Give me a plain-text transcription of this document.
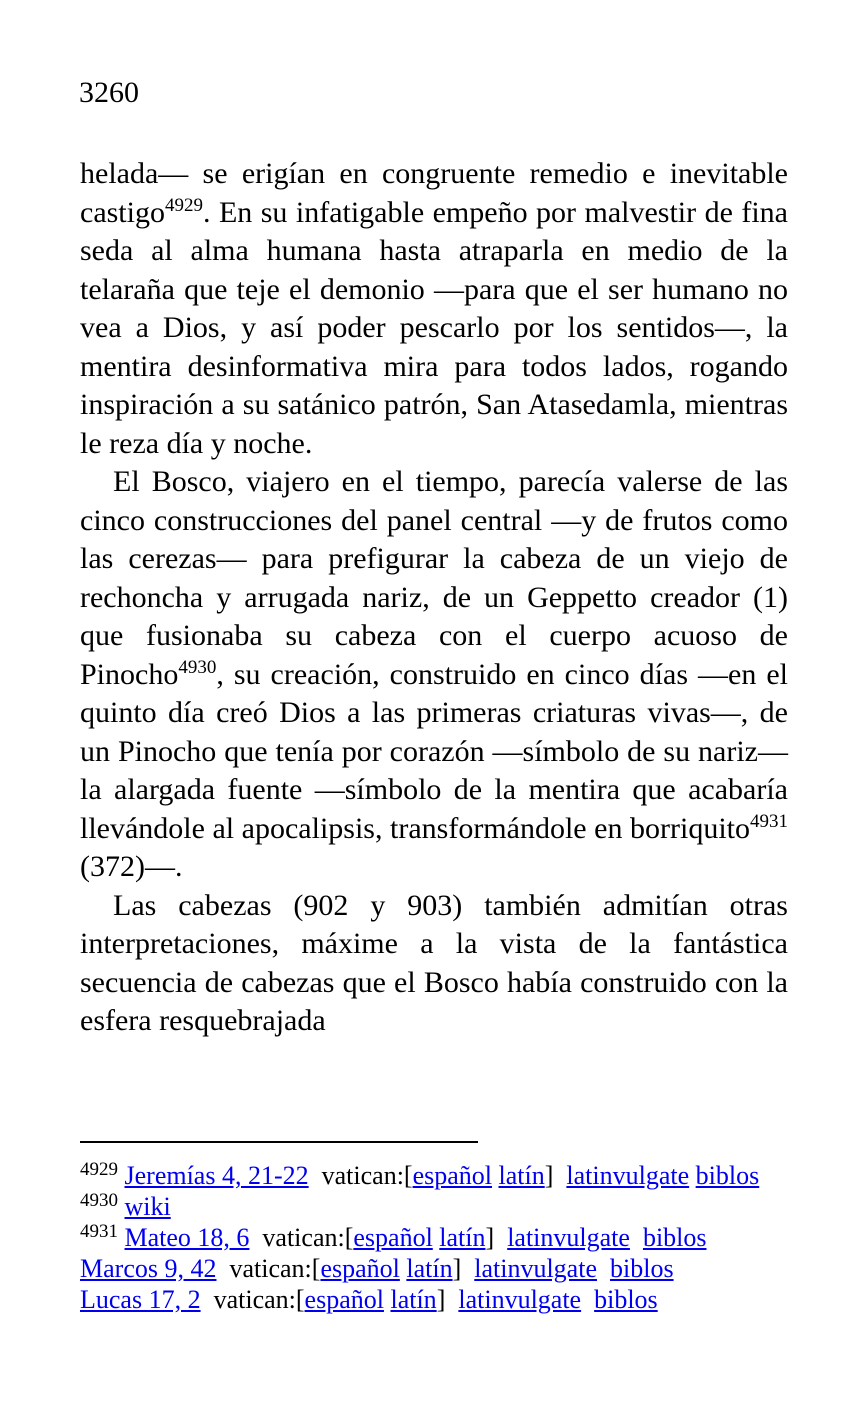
3260

helada— se erigían en congruente remedio e inevitable castigo$^{4929}$. En su infatigable empeño por malvestir de fina seda al alma humana hasta atraparla en medio de la telaraña que teje el demonio —para que el ser humano no vea a Dios, y así poder pescarlo por los sentidos—, la mentira desinformativa mira para todos lados, rogando inspiración a su satánico patrón, San Atasedamla, mientras le reza día y noche.

El Bosco, viajero en el tiempo, parecía valerse de las cinco construcciones del panel central —y de frutos como las cerezas— para prefigurar la cabeza de un viejo de rechoncha y arrugada nariz, de un Geppetto creador (1) que fusionaba su cabeza con el cuerpo acuoso de Pinocho$^{4930}$, su creación, construido en cinco días —en el quinto día creó Dios a las primeras criaturas vivas—, de un Pinocho que tenía por corazón —símbolo de su nariz— la alargada fuente —símbolo de la mentira que acabaría llevándole al apocalipsis, transformándole en borriquito$^{4931}$ (372)—.

Las cabezas (902 y 903) también admitían otras interpretaciones, máxime a la vista de la fantástica secuencia de cabezas que el Bosco había construido con la esfera resquebrajada

$^{4929}$ Jeremías 4, 21-22  vatican:[español latín]  latinvulgate biblos
$^{4930}$ wiki
$^{4931}$ Mateo 18, 6  vatican:[español latín]  latinvulgate biblos
Marcos 9, 42  vatican:[español latín]  latinvulgate biblos
Lucas 17, 2  vatican:[español latín]  latinvulgate biblos
